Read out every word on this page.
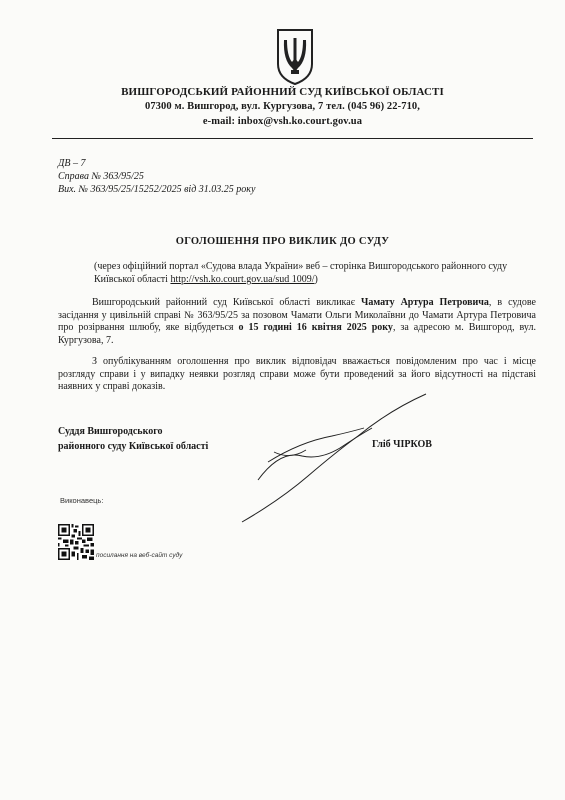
ВИШГОРОДСЬКИЙ РАЙОННИЙ СУД КИЇВСЬКОЇ ОБЛАСТІ
07300 м. Вишгород, вул. Кургузова, 7 тел. (045 96) 22-710,
e-mail: inbox@vsh.ko.court.gov.ua
ДВ – 7
Справа № 363/95/25
Вих. № 363/95/25/15252/2025 від 31.03.25 року
ОГОЛОШЕННЯ ПРО ВИКЛИК ДО СУДУ
(через офіційний портал «Судова влада України» веб – сторінка Вишгородського районного суду Київської області http://vsh.ko.court.gov.ua/sud 1009/)
Вишгородський районний суд Київської області викликає Чамату Артура Петровича, в судове засідання у цивільній справі № 363/95/25 за позовом Чамати Ольги Миколаївни до Чамати Артура Петровича про розірвання шлюбу, яке відбудеться о 15 годині 16 квітня 2025 року, за адресою м. Вишгород, вул. Кургузова, 7.
З опублікуванням оголошення про виклик відповідач вважається повідомленим про час і місце розгляду справи і у випадку неявки розгляд справи може бути проведений за його відсутності на підставі наявних у справі доказів.
Суддя Вишгородського
районного суду Київської області	Гліб ЧІРКОВ
Виконавець:
посилання на веб-сайт суду
